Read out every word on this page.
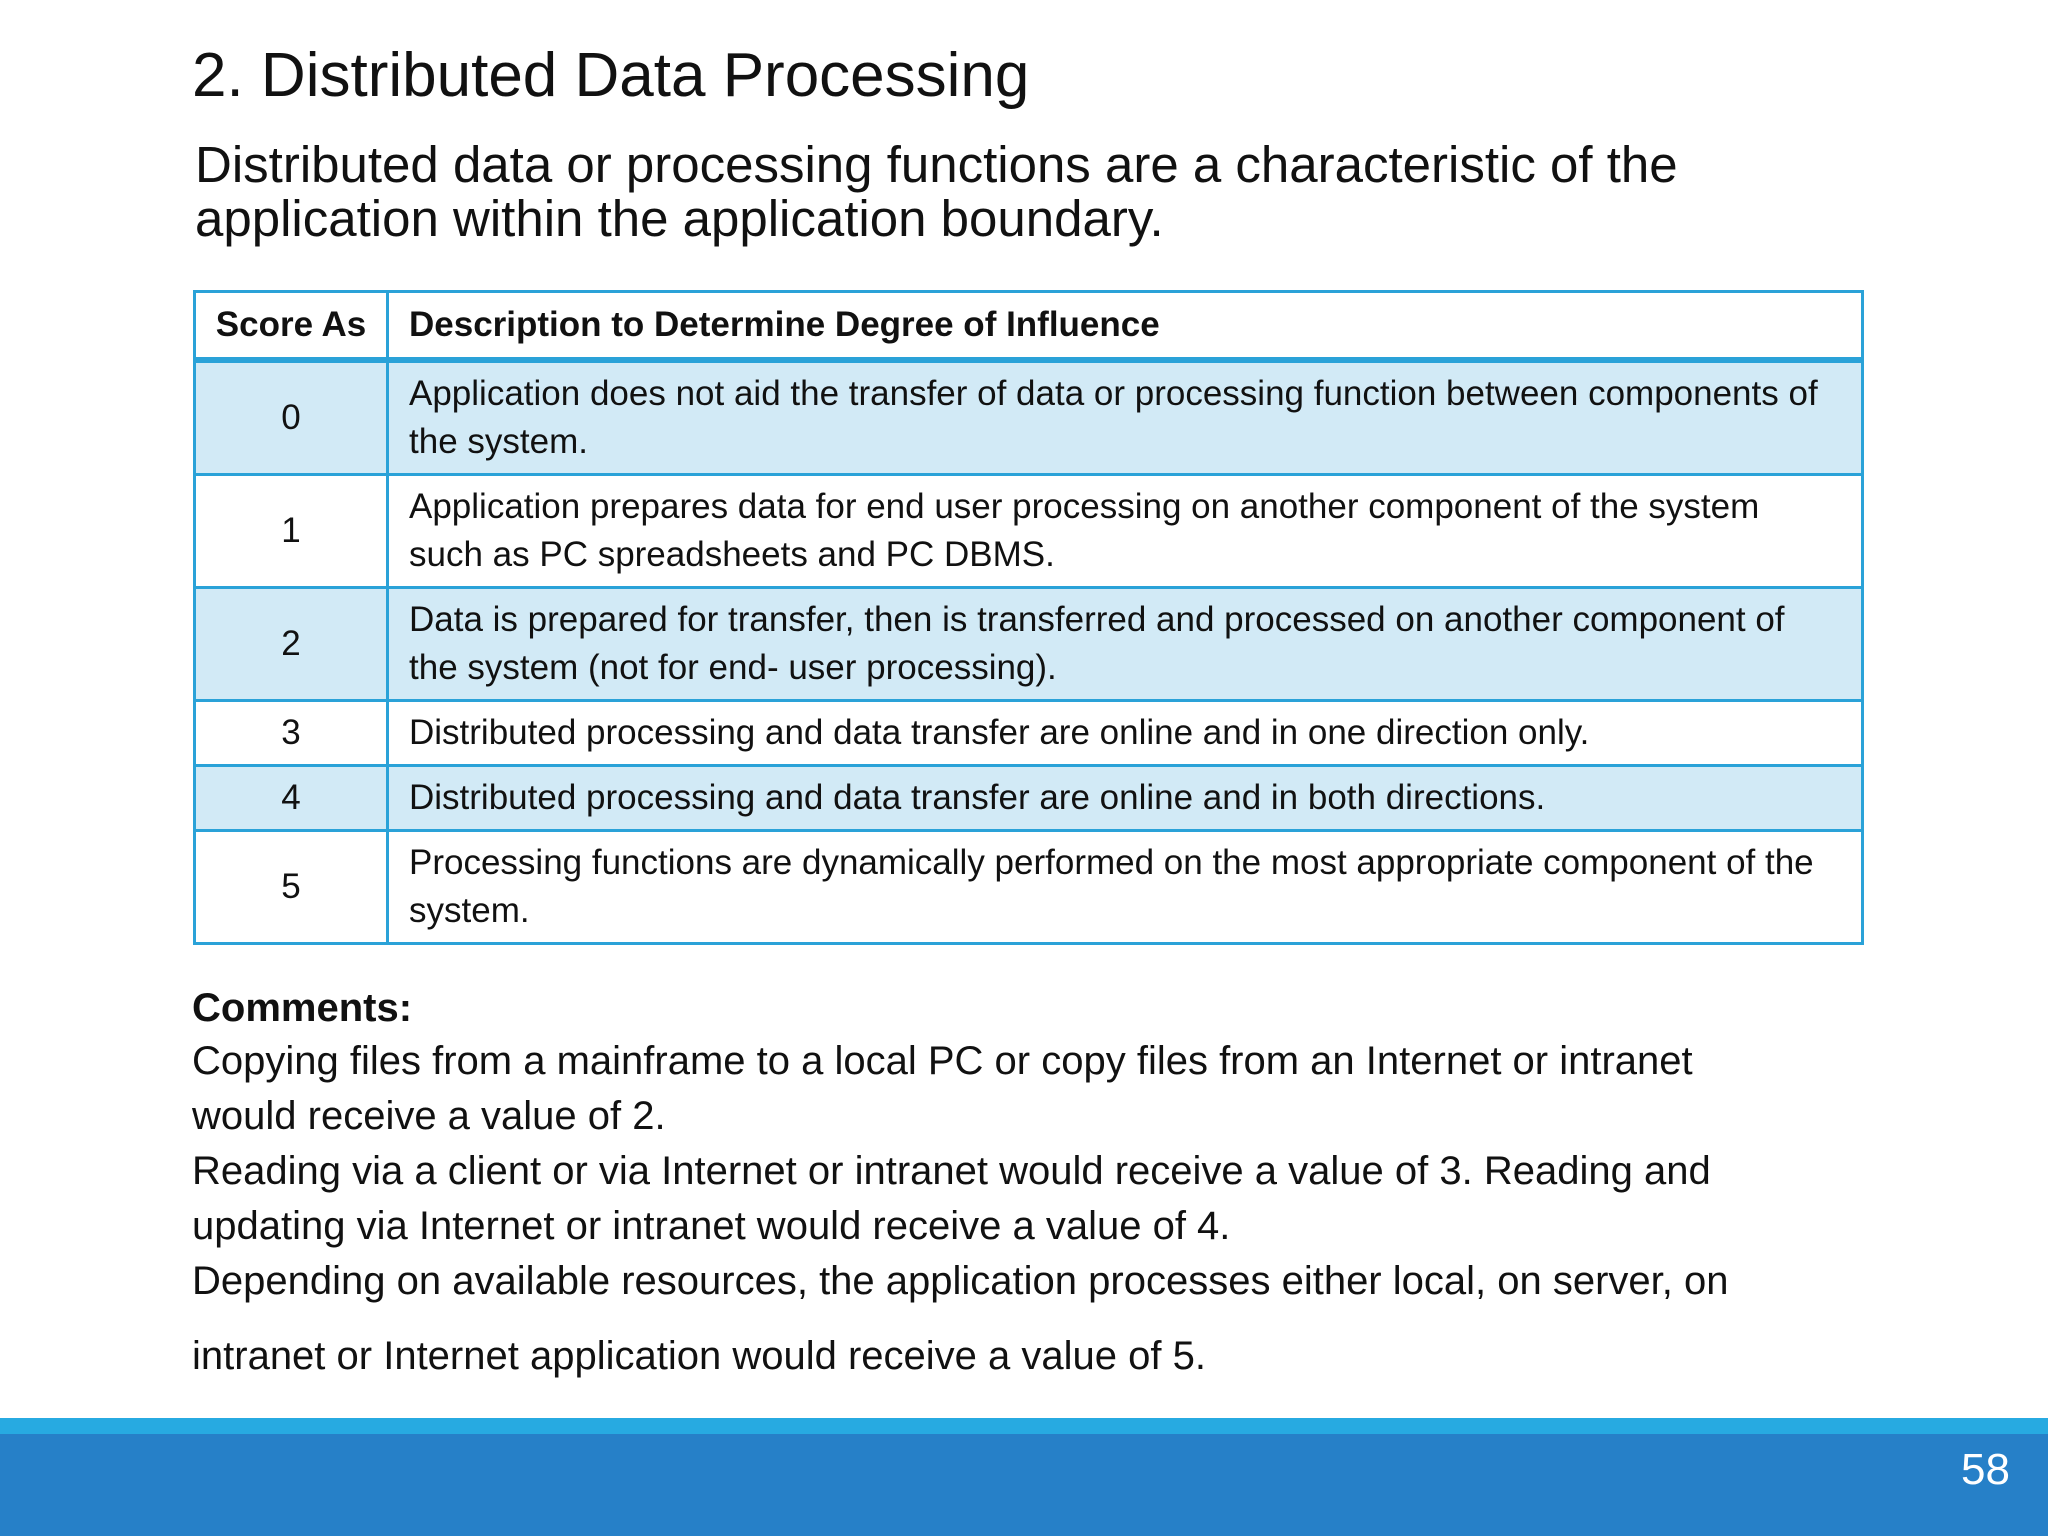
2. Distributed Data Processing
Distributed data or processing functions are a characteristic of the
application within the application boundary.
Score As	Description to Determine Degree of Influence
0	Application does not aid the transfer of data or processing function between components of the system.
1	Application prepares data for end user processing on another component of the system such as PC spreadsheets and PC DBMS.
2	Data is prepared for transfer, then is transferred and processed on another component of the system (not for end- user processing).
3	Distributed processing and data transfer are online and in one direction only.
4	Distributed processing and data transfer are online and in both directions.
5	Processing functions are dynamically performed on the most appropriate component of the system.
Comments:
Copying files from a mainframe to a local PC or copy files from an Internet or intranet
would receive a value of 2.
Reading via a client or via Internet or intranet would receive a value of 3. Reading and
updating via Internet or intranet would receive a value of 4.
Depending on available resources, the application processes either local, on server, on
intranet or Internet application would receive a value of 5.
58
